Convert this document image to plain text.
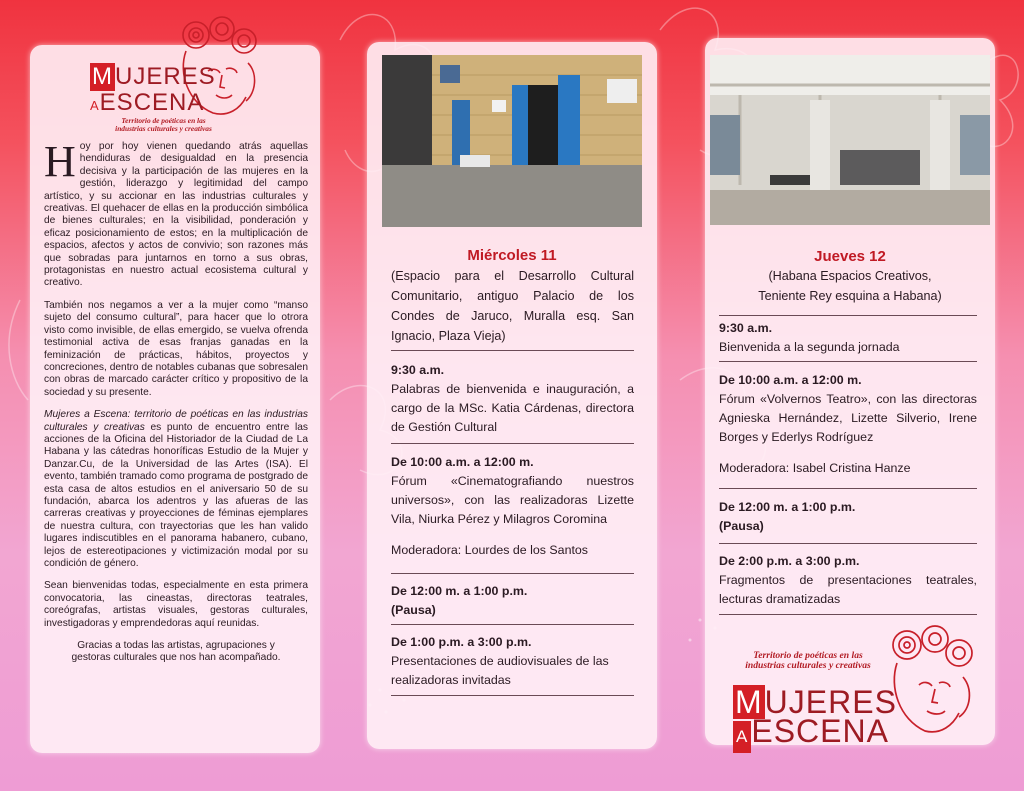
MUJERES
AESCENA
Territorio de poéticas en las industrias culturales y creativas

Hoy por hoy vienen quedando atrás aquellas hendiduras de desigualdad en la presencia decisiva y la participación de las mujeres en la gestión, liderazgo y legitimidad del campo artístico, y su accionar en las industrias culturales y creativas. El quehacer de ellas en la producción simbólica de bienes culturales; en la visibilidad, ponderación y eficaz posicionamiento de estos; en la multiplicación de espacios, afectos y actos de convivio; son razones más que sobradas para juntarnos en torno a sus obras, protagonistas en nuestro actual ecosistema cultural y creativo.

También nos negamos a ver a la mujer como “manso sujeto del consumo cultural”, para hacer que lo otrora visto como invisible, de ellas emergido, se vuelva ofrenda testimonial activa de esas franjas ganadas en la feminización de prácticas, hábitos, proyectos y concreciones, dentro de notables cubanas que sobresalen con obras de marcado carácter crítico y propositivo de la sociedad y su presente.

Mujeres a Escena: territorio de poéticas en las industrias culturales y creativas es punto de encuentro entre las acciones de la Oficina del Historiador de la Ciudad de La Habana y las cátedras honoríficas Estudio de la Mujer y Danzar.Cu, de la Universidad de las Artes (ISA). El evento, también tramado como programa de postgrado de esta casa de altos estudios en el aniversario 50 de su fundación, abarca los adentros y las afueras de las carreras creativas y proyecciones de féminas ejemplares de nuestra cultura, con trayectorias que les han valido lugares indiscutibles en el panorama habanero, cubano, lejos de estereotipaciones y victimización modal por su condición de género.

Sean bienvenidas todas, especialmente en esta primera convocatoria, las cineastas, directoras teatrales, coreógrafas, artistas visuales, gestoras culturales, investigadoras y emprendedoras aquí reunidas.

Gracias a todas las artistas, agrupaciones y gestoras culturales que nos han acompañado.

Miércoles 11
(Espacio para el Desarrollo Cultural Comunitario, antiguo Palacio de los Condes de Jaruco, Muralla esq. San Ignacio, Plaza Vieja)
9:30 a.m.

Palabras de bienvenida e inauguración, a cargo de la MSc. Katia Cárdenas, directora de Gestión Cultural
De 10:00 a.m. a 12:00 m.

Fórum «Cinematografiando nuestros universos», con las realizadoras Lizette Vila, Niurka Pérez y Milagros Coromina
Moderadora: Lourdes de los Santos
De 12:00 m. a 1:00 p.m.
(Pausa)
De 1:00 p.m. a 3:00 p.m.
Presentaciones de audiovisuales de las realizadoras invitadas
Jueves 12
(Habana Espacios Creativos, Teniente Rey esquina a Habana)
9:30 a.m.
Bienvenida a la segunda jornada
De 10:00 a.m. a 12:00 m.

Fórum «Volvernos Teatro», con las directoras Agnieska Hernández, Lizette Silverio, Irene Borges y Ederlys Rodríguez
Moderadora: Isabel Cristina Hanze
De 12:00 m. a 1:00 p.m.
(Pausa)
De 2:00 p.m. a 3:00 p.m.

Fragmentos de presentaciones teatrales, lecturas dramatizadas
Territorio de poéticas en las industrias culturales y creativas
MUJERES
AESCENA
